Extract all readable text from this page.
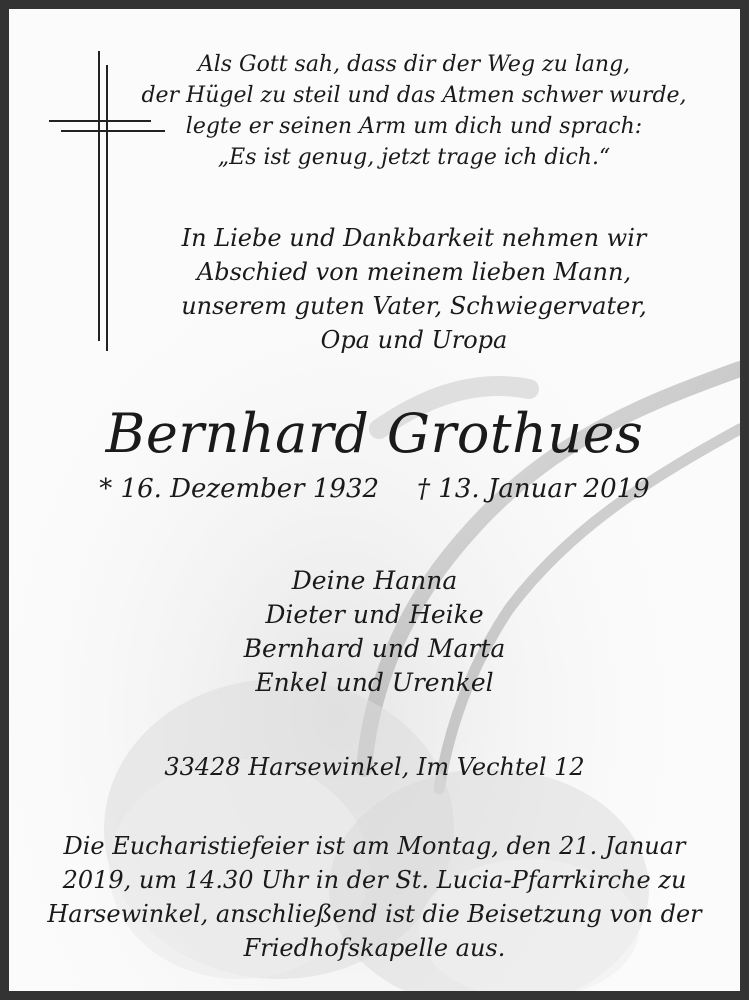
Als Gott sah, dass dir der Weg zu lang,
der Hügel zu steil und das Atmen schwer wurde,
legte er seinen Arm um dich und sprach:
„Es ist genug, jetzt trage ich dich.“
In Liebe und Dankbarkeit nehmen wir
Abschied von meinem lieben Mann,
unserem guten Vater, Schwiegervater,
Opa und Uropa
Bernhard Grothues
* 16. Dezember 1932 † 13. Januar 2019
Deine Hanna
Dieter und Heike
Bernhard und Marta
Enkel und Urenkel
33428 Harsewinkel, Im Vechtel 12
Die Eucharistiefeier ist am Montag, den 21. Januar
2019, um 14.30 Uhr in der St. Lucia-Pfarrkirche zu
Harsewinkel, anschließend ist die Beisetzung von der
Friedhofskapelle aus.
